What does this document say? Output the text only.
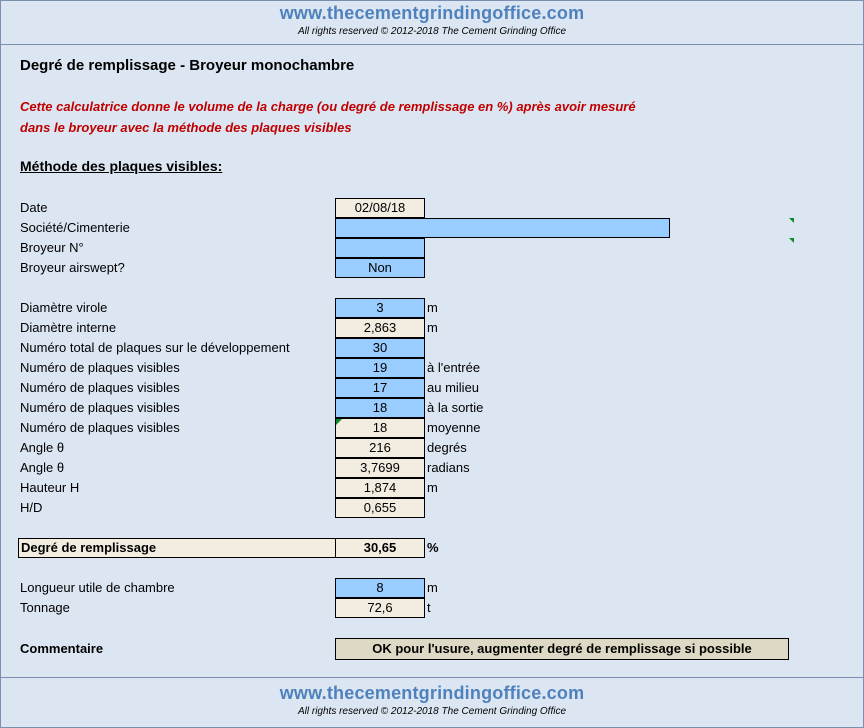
www.thecementgrindingoffice.com
All rights reserved © 2012-2018 The Cement Grinding Office
Degré de remplissage - Broyeur monochambre
Cette calculatrice donne le volume de la charge (ou degré de remplissage en %) après avoir mesuré
dans le broyeur avec la méthode des plaques visibles
Méthode des plaques visibles:
Date	02/08/18
Société/Cimenterie
Broyeur N°
Broyeur airswept?	Non
Diamètre virole	3	m
Diamètre interne	2,863	m
Numéro total de plaques sur le développement	30
Numéro de plaques visibles	19	à l'entrée
Numéro de plaques visibles	17	au milieu
Numéro de plaques visibles	18	à la sortie
Numéro de plaques visibles	18	moyenne
Angle θ	216	degrés
Angle θ	3,7699	radians
Hauteur H	1,874	m
H/D	0,655
Degré de remplissage	30,65	%
Longueur utile de chambre	8	m
Tonnage	72,6	t
Commentaire	OK pour l'usure, augmenter degré de remplissage si possible
www.thecementgrindingoffice.com
All rights reserved © 2012-2018 The Cement Grinding Office
